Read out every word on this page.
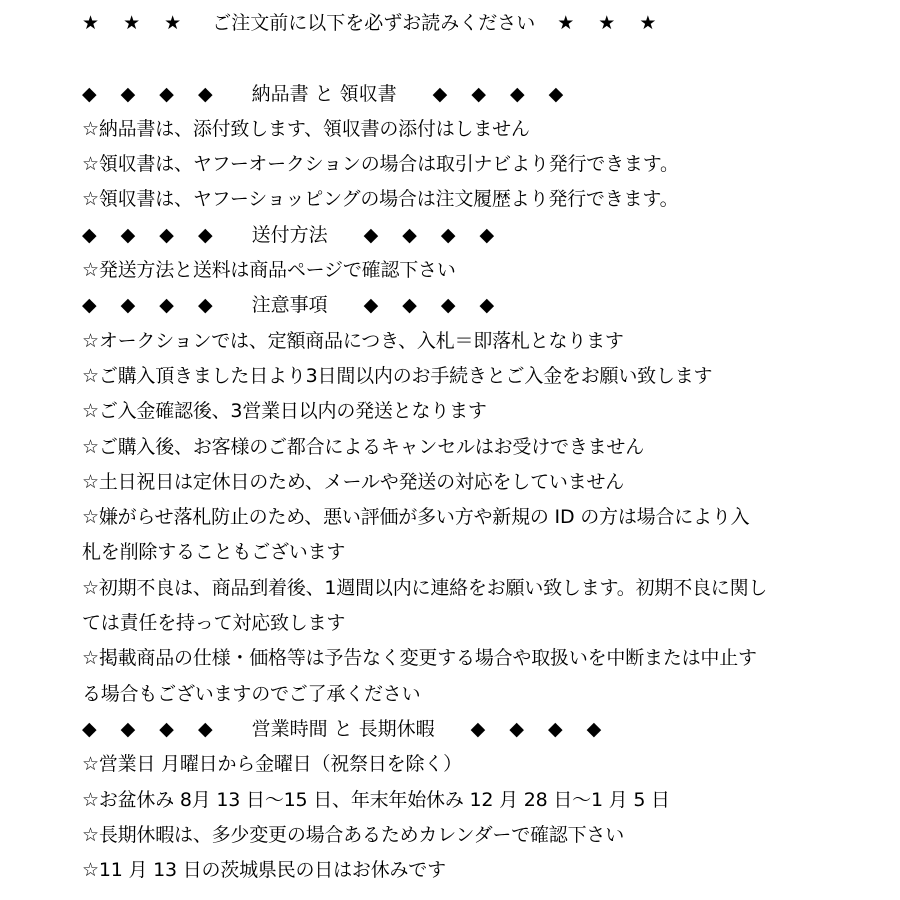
★ ★ ★ ご注文前に以下を必ずお読みください ★ ★ ★
◆ ◆ ◆ ◆ 納品書 と 領収書 ◆ ◆ ◆ ◆
☆納品書は、添付致します、領収書の添付はしません
☆領収書は、ヤフーオークションの場合は取引ナビより発行できます。
☆領収書は、ヤフーショッピングの場合は注文履歴より発行できます。
◆ ◆ ◆ ◆ 送付方法 ◆ ◆ ◆ ◆
☆発送方法と送料は商品ページで確認下さい
◆ ◆ ◆ ◆ 注意事項 ◆ ◆ ◆ ◆
☆オークションでは、定額商品につき、入札＝即落札となります
☆ご購入頂きました日より3日間以内のお手続きとご入金をお願い致します
☆ご入金確認後、3営業日以内の発送となります
☆ご購入後、お客様のご都合によるキャンセルはお受けできません
☆土日祝日は定休日のため、メールや発送の対応をしていません
☆嫌がらせ落札防止のため、悪い評価が多い方や新規の ID の方は場合により入
札を削除することもございます
☆初期不良は、商品到着後、1週間以内に連絡をお願い致します。初期不良に関し
ては責任を持って対応致します
☆掲載商品の仕様・価格等は予告なく変更する場合や取扱いを中断または中止す
る場合もございますのでご了承ください
◆ ◆ ◆ ◆ 営業時間 と 長期休暇 ◆ ◆ ◆ ◆
☆営業日 月曜日から金曜日（祝祭日を除く）
☆お盆休み 8月 13 日～15 日、年末年始休み 12 月 28 日～1 月 5 日
☆長期休暇は、多少変更の場合あるためカレンダーで確認下さい
☆11 月 13 日の茨城県民の日はお休みです
